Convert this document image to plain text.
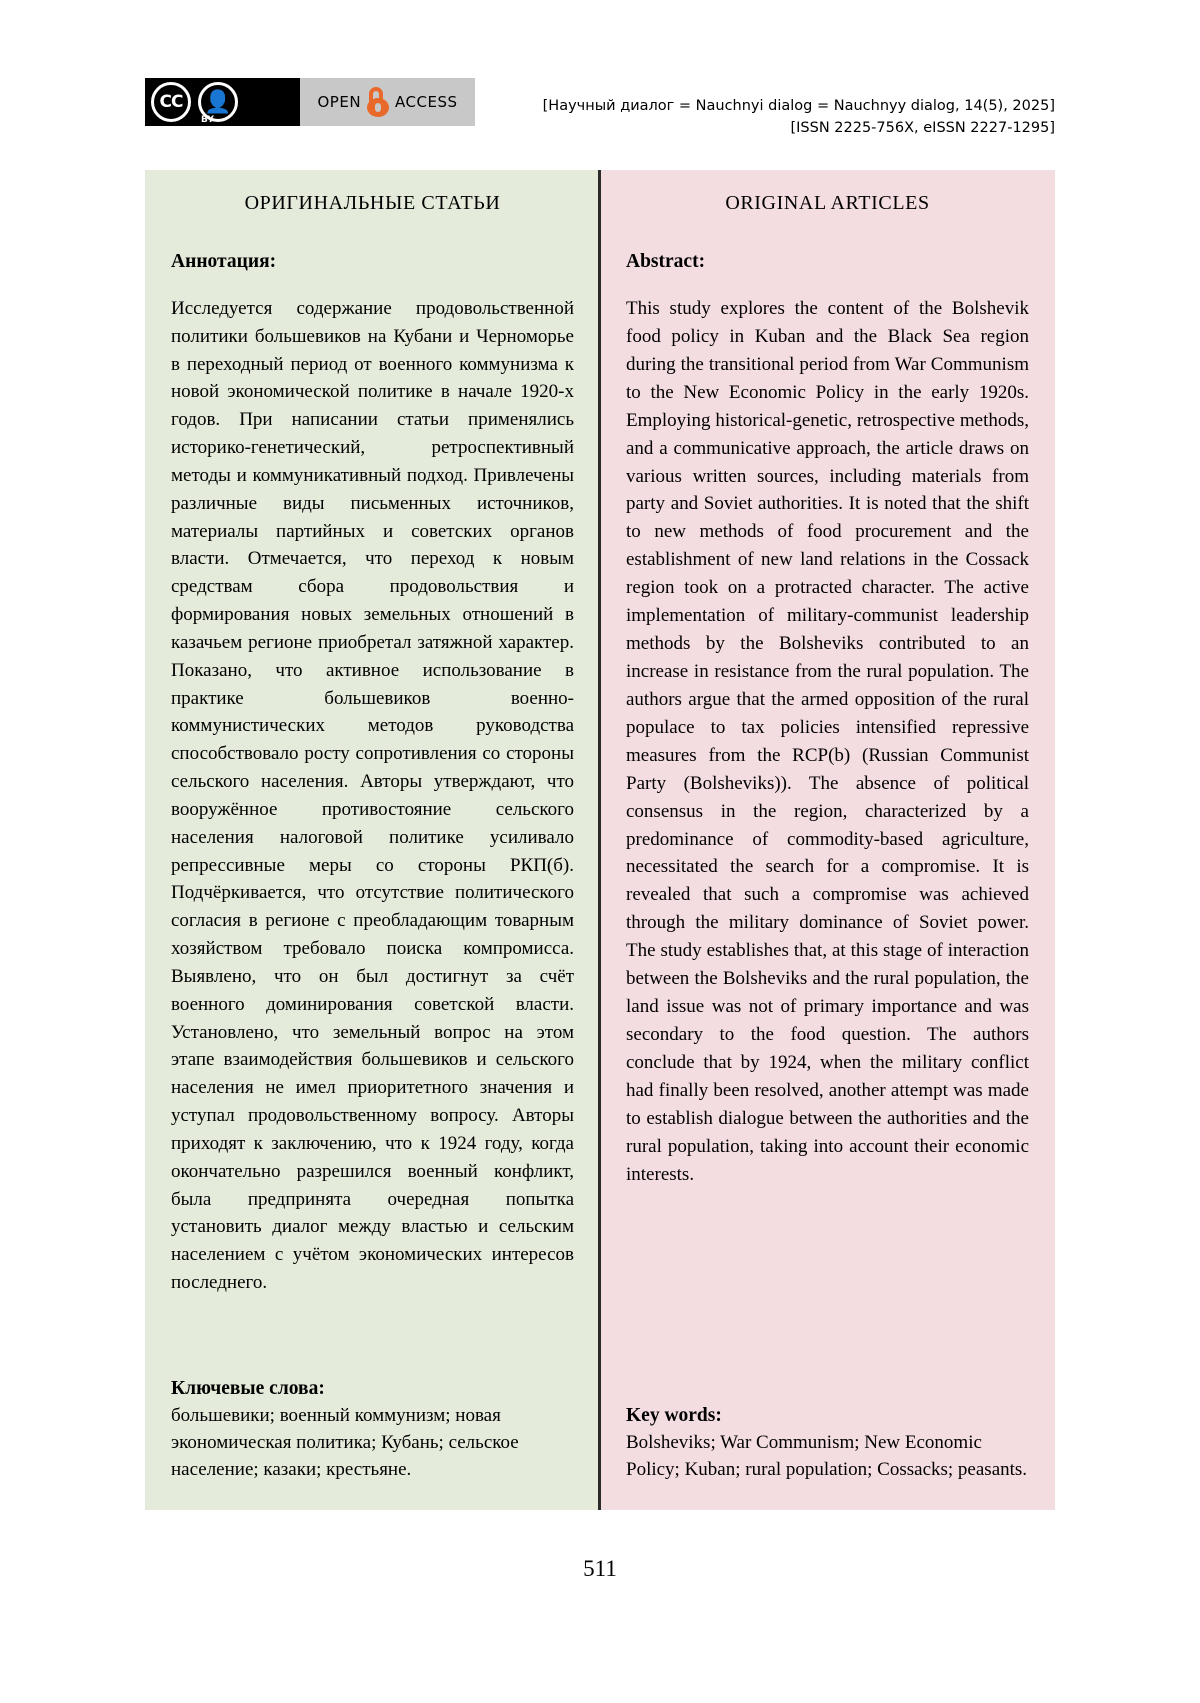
CC 👤
BY
OPEN ACCESS	[Научный диалог = Nauchnyi dialog = Nauchnyy dialog, 14(5), 2025]
[ISSN 2225-756X, eISSN 2227-1295]
ОРИГИНАЛЬНЫЕ СТАТЬИ
Аннотация:

Исследуется содержание продовольственной политики большевиков на Кубани и Черноморье в переходный период от военного коммунизма к новой экономической политике в начале 1920-х годов. При написании статьи применялись историко-генетический, ретроспективный методы и коммуникативный подход. Привлечены различные виды письменных источников, материалы партийных и советских органов власти. Отмечается, что переход к новым средствам сбора продовольствия и формирования новых земельных отношений в казачьем регионе приобретал затяжной характер. Показано, что активное использование в практике большевиков военно-коммунистических методов руководства способствовало росту сопротивления со стороны сельского населения. Авторы утверждают, что вооружённое противостояние сельского населения налоговой политике усиливало репрессивные меры со стороны РКП(б). Подчёркивается, что отсутствие политического согласия в регионе с преобладающим товарным хозяйством требовало поиска компромисса. Выявлено, что он был достигнут за счёт военного доминирования советской власти. Установлено, что земельный вопрос на этом этапе взаимодействия большевиков и сельского населения не имел приоритетного значения и уступал продовольственному вопросу. Авторы приходят к заключению, что к 1924 году, когда окончательно разрешился военный конфликт, была предпринята очередная попытка установить диалог между властью и сельским населением с учётом экономических интересов последнего.

Ключевые слова:

большевики; военный коммунизм; новая экономическая политика; Кубань; сельское население; казаки; крестьяне.

ORIGINAL ARTICLES
Abstract:

This study explores the content of the Bolshevik food policy in Kuban and the Black Sea region during the transitional period from War Communism to the New Economic Policy in the early 1920s. Employing historical-genetic, retrospective methods, and a communicative approach, the article draws on various written sources, including materials from party and Soviet authorities. It is noted that the shift to new methods of food procurement and the establishment of new land relations in the Cossack region took on a protracted character. The active implementation of military-communist leadership methods by the Bolsheviks contributed to an increase in resistance from the rural population. The authors argue that the armed opposition of the rural populace to tax policies intensified repressive measures from the RCP(b) (Russian Communist Party (Bolsheviks)). The absence of political consensus in the region, characterized by a predominance of commodity-based agriculture, necessitated the search for a compromise. It is revealed that such a compromise was achieved through the military dominance of Soviet power. The study establishes that, at this stage of interaction between the Bolsheviks and the rural population, the land issue was not of primary importance and was secondary to the food question. The authors conclude that by 1924, when the military conflict had finally been resolved, another attempt was made to establish dialogue between the authorities and the rural population, taking into account their economic interests.

Key words:

Bolsheviks; War Communism; New Economic Policy; Kuban; rural population; Cossacks; peasants.

511
